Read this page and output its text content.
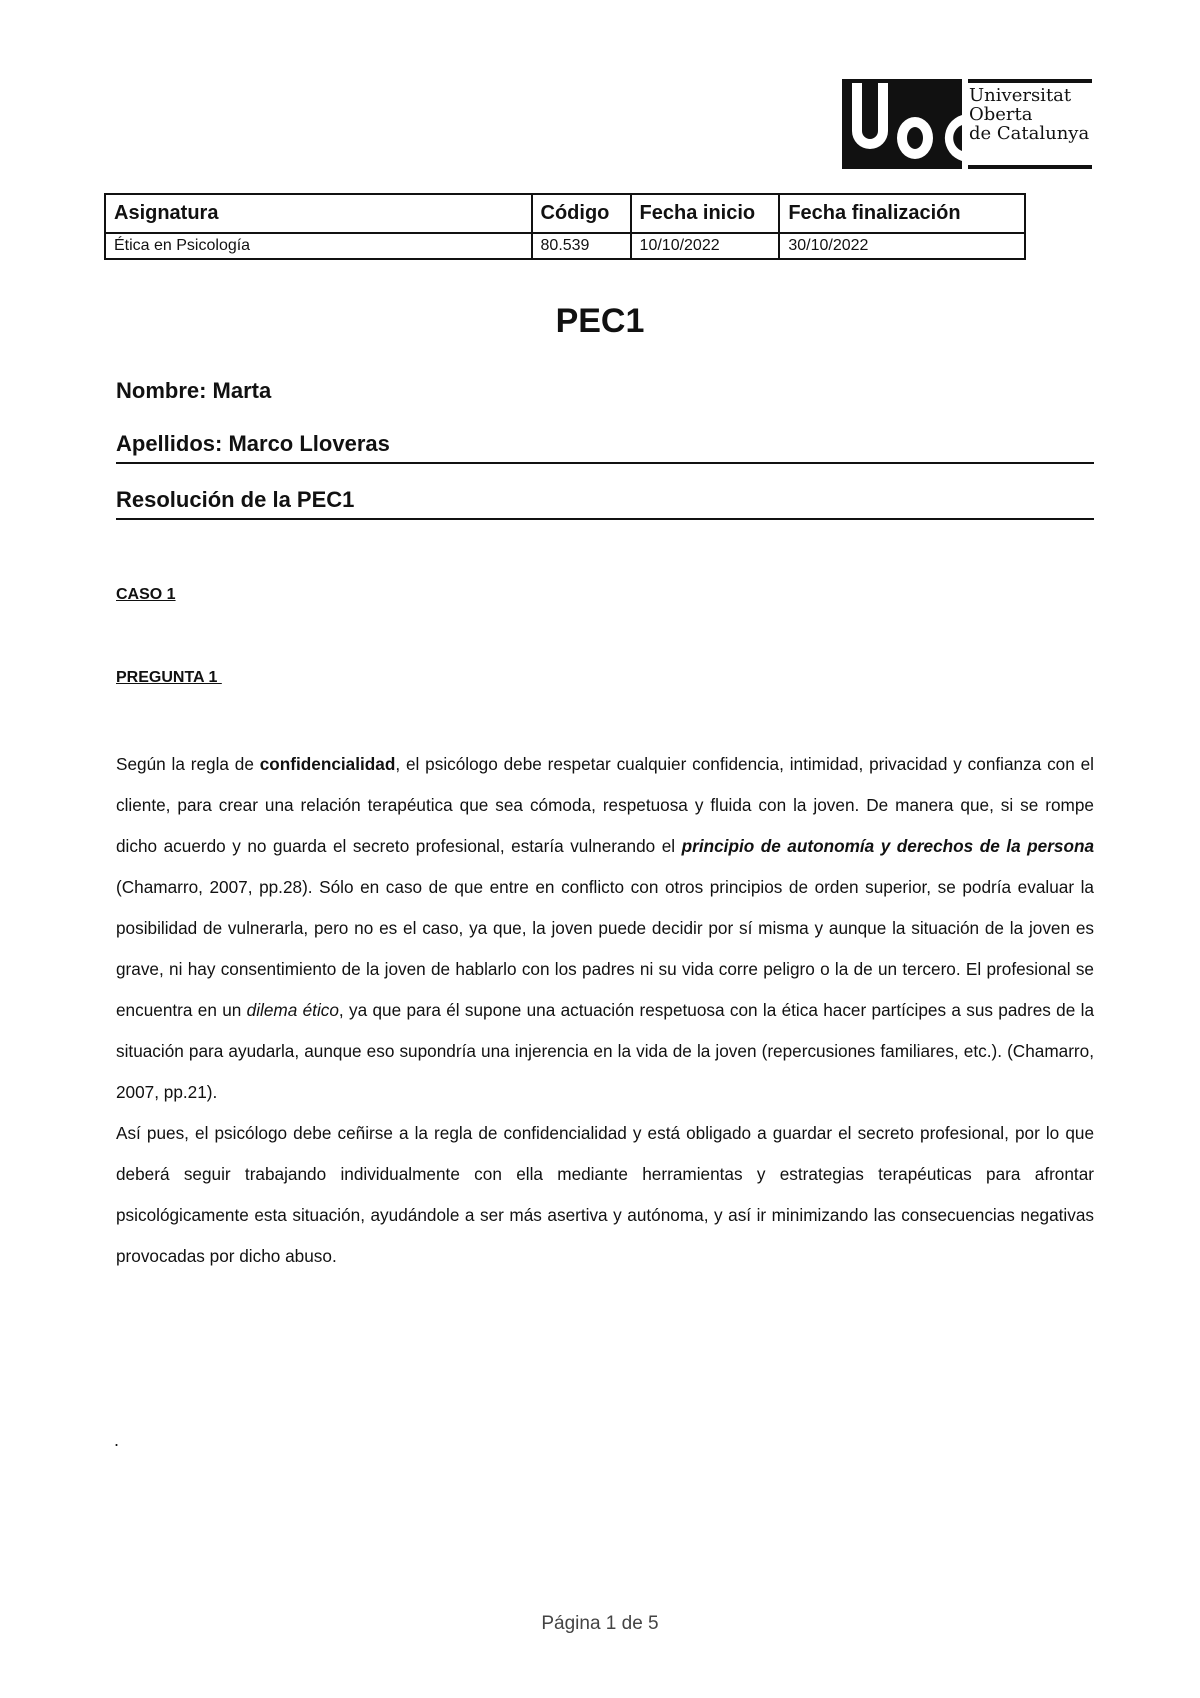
Universitat
Oberta
de Catalunya
Asignatura	Código	Fecha inicio	Fecha finalización
Ética en Psicología	80.539	10/10/2022	30/10/2022
PEC1
Nombre: Marta
Apellidos: Marco Lloveras
Resolución de la PEC1
CASO 1
PREGUNTA 1

Según la regla de confidencialidad, el psicólogo debe respetar cualquier confidencia, intimidad, privacidad y confianza con el cliente, para crear una relación terapéutica que sea cómoda, respetuosa y fluida con la joven. De manera que, si se rompe dicho acuerdo y no guarda el secreto profesional, estaría vulnerando el principio de autonomía y derechos de la persona (Chamarro, 2007, pp.28). Sólo en caso de que entre en conflicto con otros principios de orden superior, se podría evaluar la posibilidad de vulnerarla, pero no es el caso, ya que, la joven puede decidir por sí misma y aunque la situación de la joven es grave, ni hay consentimiento de la joven de hablarlo con los padres ni su vida corre peligro o la de un tercero. El profesional se encuentra en un dilema ético, ya que para él supone una actuación respetuosa con la ética hacer partícipes a sus padres de la situación para ayudarla, aunque eso supondría una injerencia en la vida de la joven (repercusiones familiares, etc.). (Chamarro, 2007, pp.21).

Así pues, el psicólogo debe ceñirse a la regla de confidencialidad y está obligado a guardar el secreto profesional, por lo que deberá seguir trabajando individualmente con ella mediante herramientas y estrategias terapéuticas para afrontar psicológicamente esta situación, ayudándole a ser más asertiva y autónoma, y así ir minimizando las consecuencias negativas provocadas por dicho abuso.

.
Página 1 de 5
